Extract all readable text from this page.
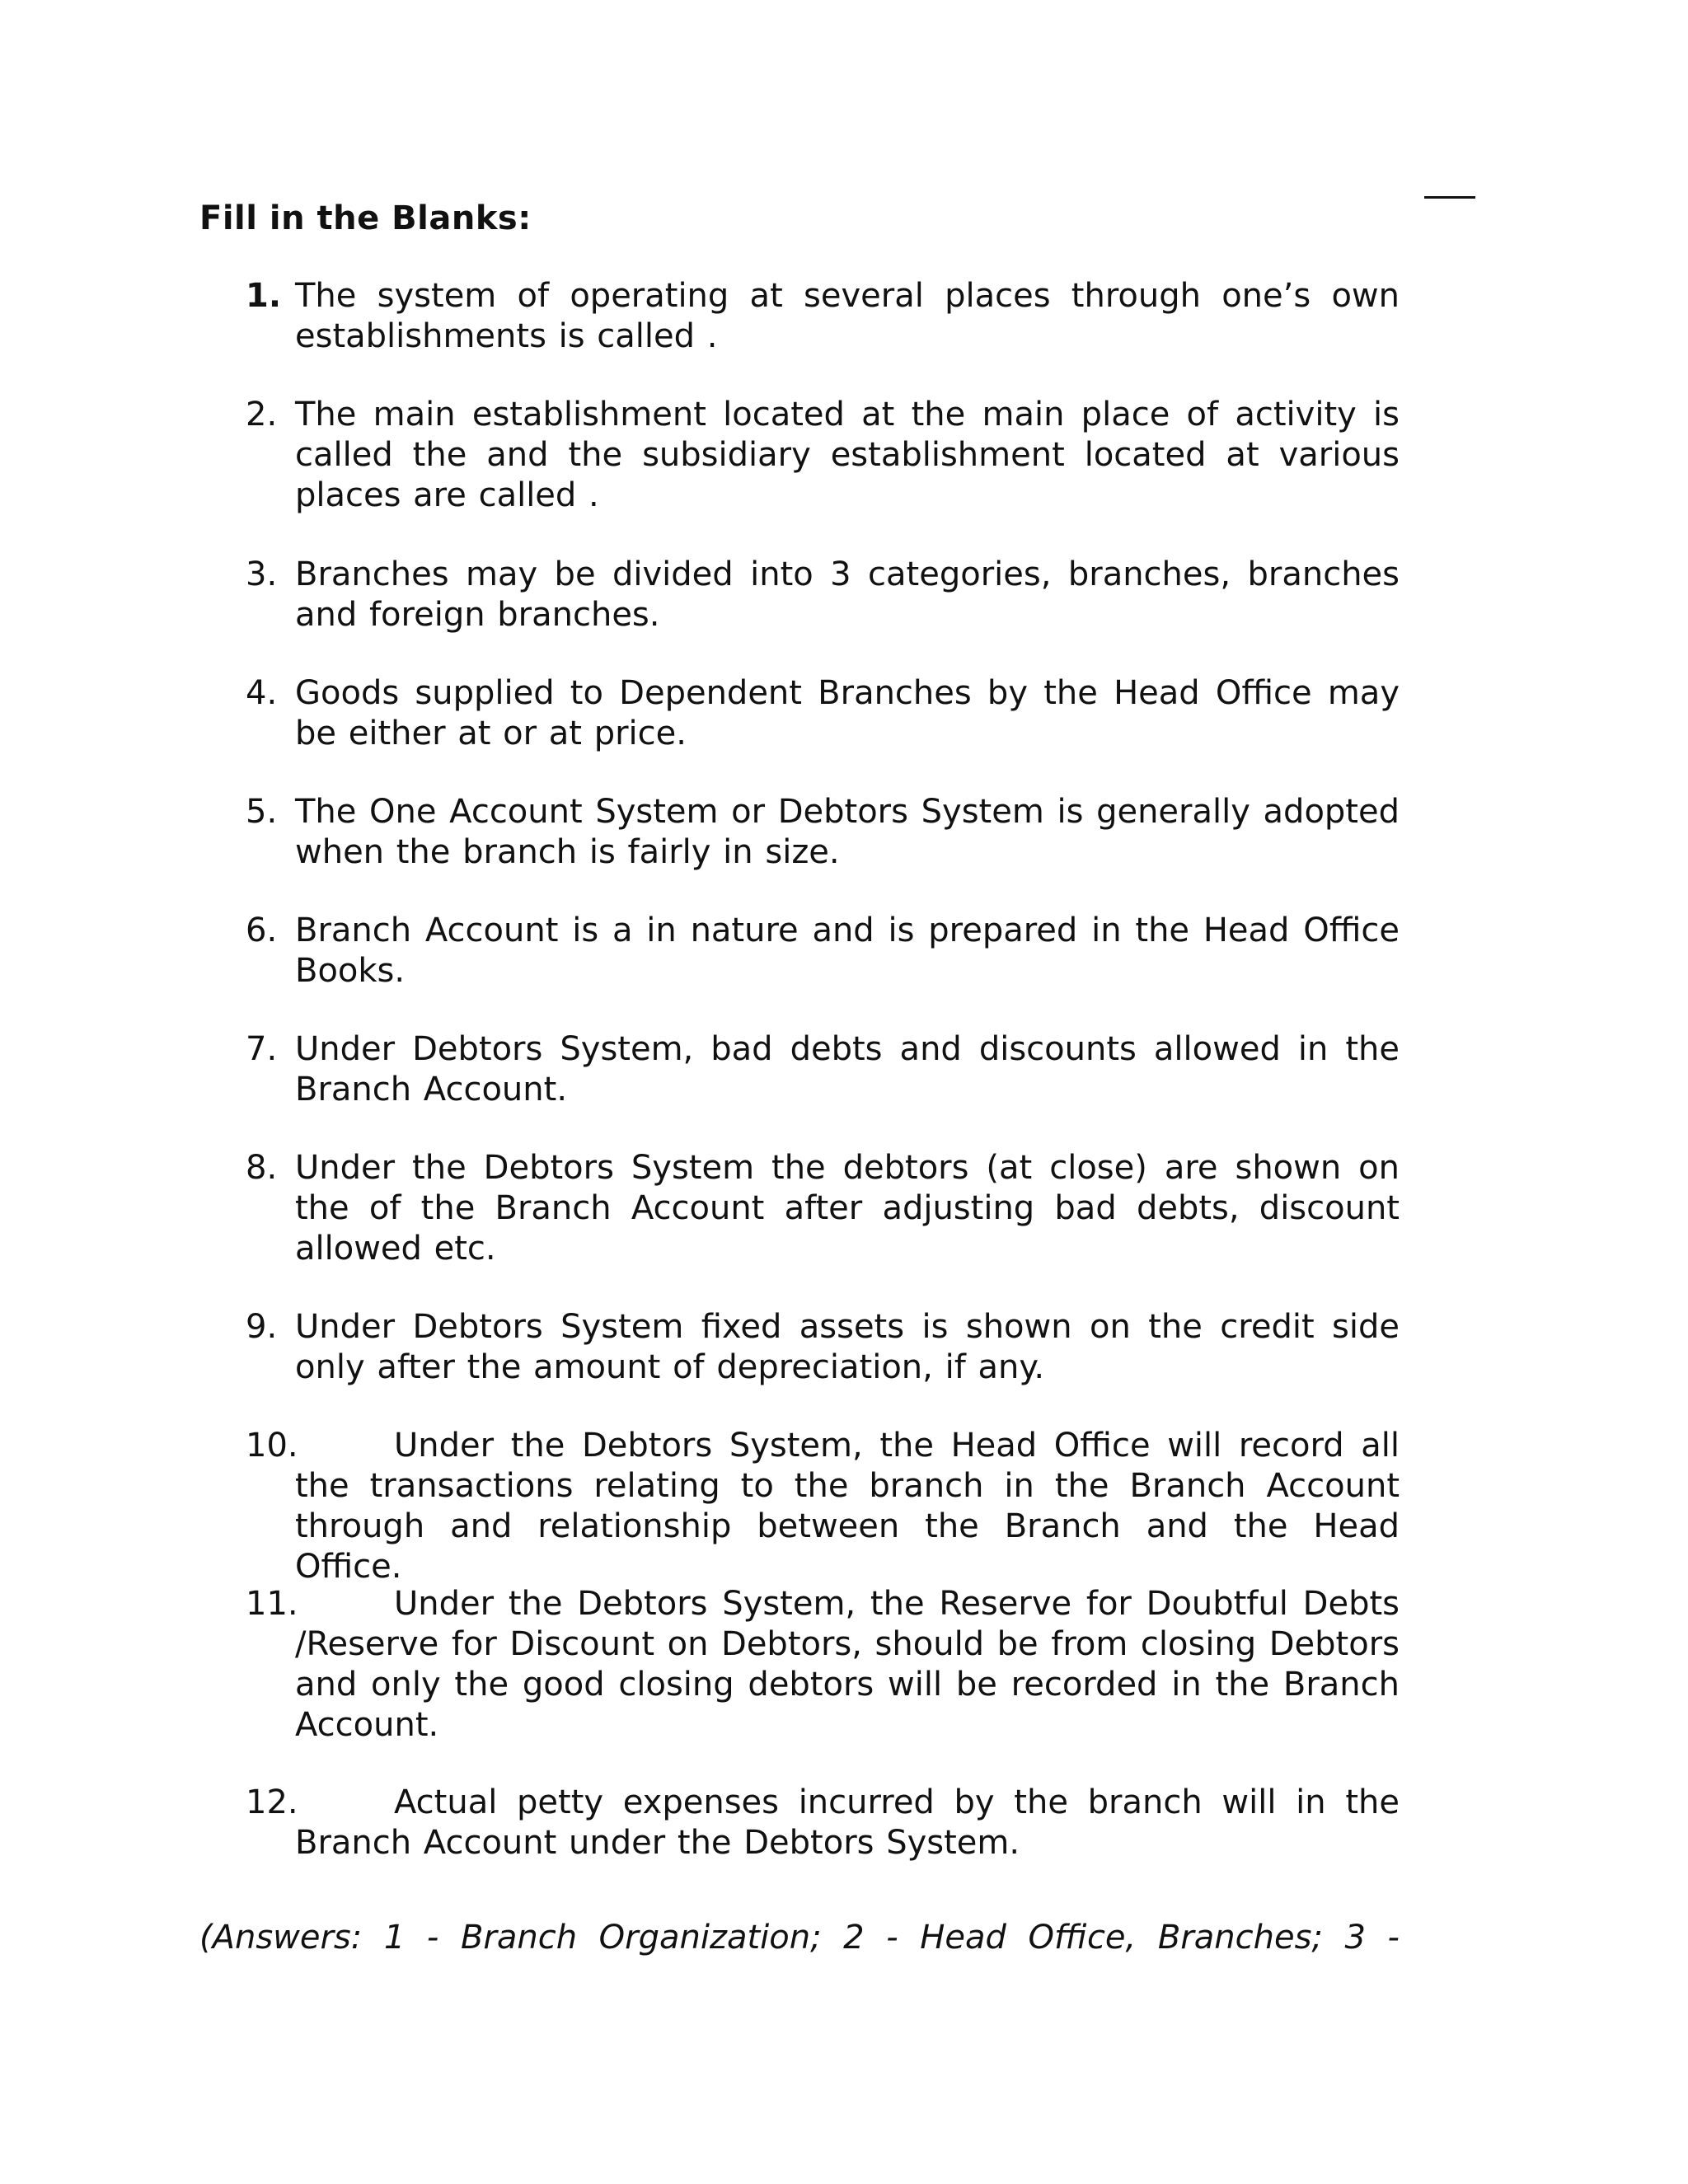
Fill in the Blanks:
1. The system of operating at several places through one’s own establishments is called .
2. The main establishment located at the main place of activity is called the and the subsidiary establishment located at various places are called .
3. Branches may be divided into 3 categories, branches, branches and foreign branches.
4. Goods supplied to Dependent Branches by the Head Office may be either at or at price.
5. The One Account System or Debtors System is generally adopted when the branch is fairly in size.
6. Branch Account is a in nature and is prepared in the Head Office Books.
7. Under Debtors System, bad debts and discounts allowed in the Branch Account.
8. Under the Debtors System the debtors (at close) are shown on the of the Branch Account after adjusting bad debts, discount allowed etc.
9. Under Debtors System fixed assets is shown on the credit side only after the amount of depreciation, if any.
10.	Under the Debtors System, the Head Office will record all the transactions relating to the branch in the Branch Account through and relationship between the Branch and the Head Office.
11.	Under the Debtors System, the Reserve for Doubtful Debts /Reserve for Discount on Debtors, should be from closing Debtors and only the good closing debtors will be recorded in the Branch Account.
12.	Actual petty expenses incurred by the branch will in the Branch Account under the Debtors System.
(Answers: 1 - Branch Organization; 2 - Head Office, Branches; 3 -
